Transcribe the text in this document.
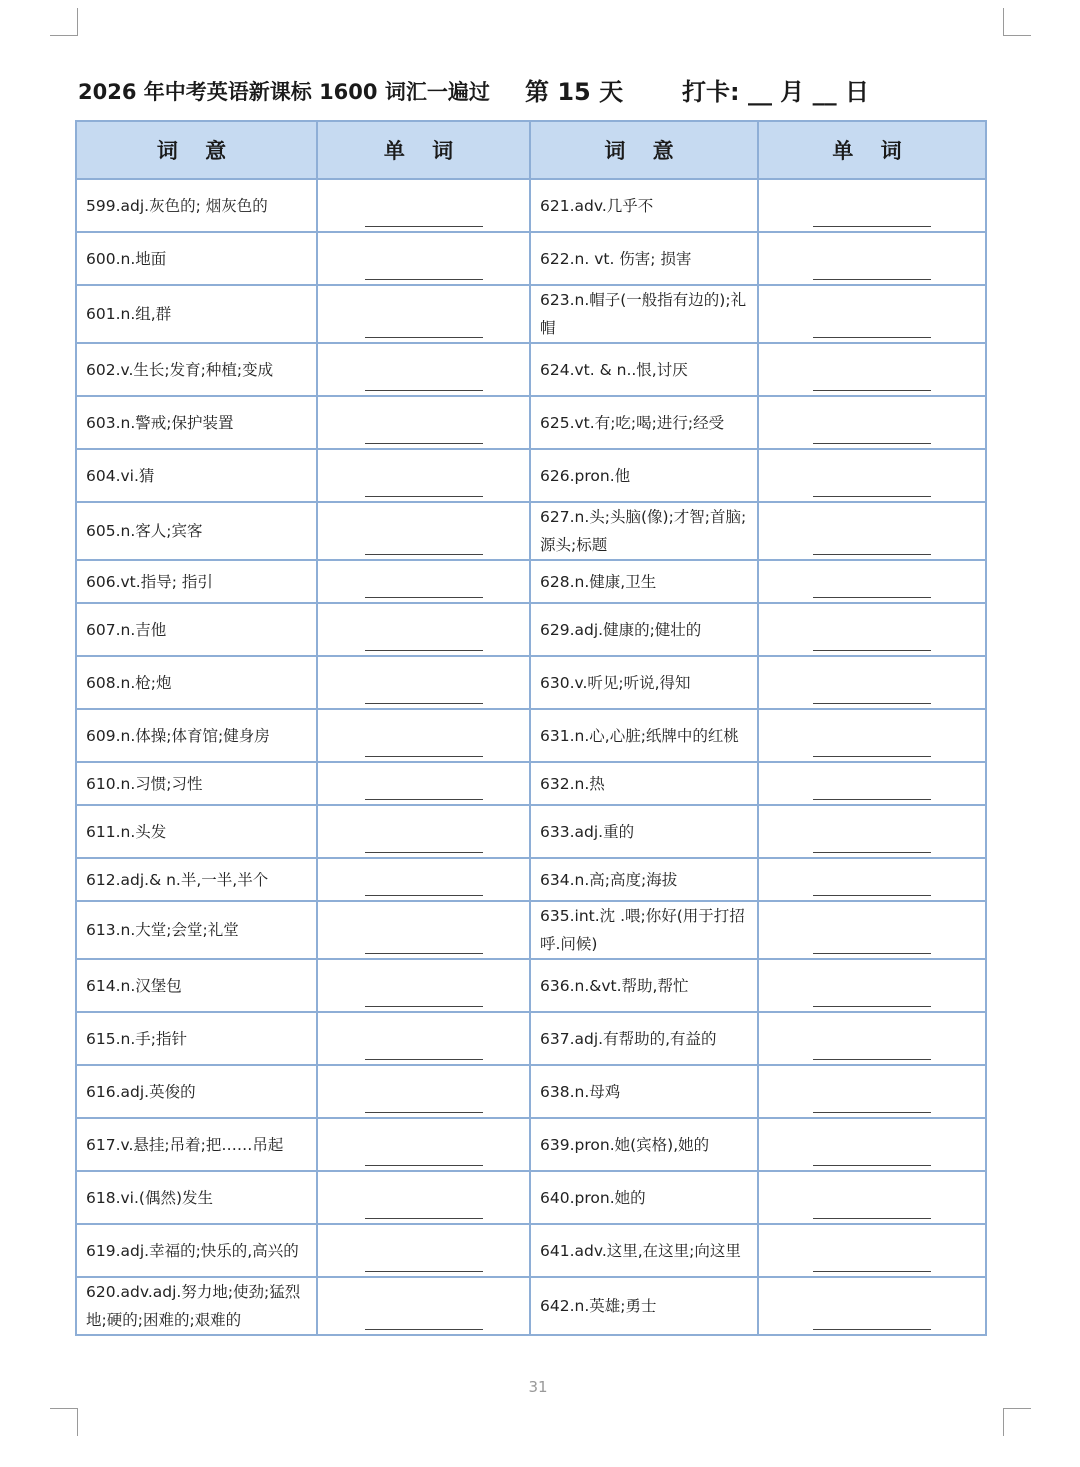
2026 年中考英语新课标 1600 词汇一遍过 第 15 天 打卡: __ 月 __ 日
词 意	单 词	词 意	单 词
599.adj.灰色的; 烟灰色的		621.adv.几乎不	

600.n.地面		622.n. vt. 伤害; 损害	

601.n.组,群		623.n.帽子(一般指有边的);礼帽	

602.v.生长;发育;种植;变成		624.vt. & n..恨,讨厌	

603.n.警戒;保护装置		625.vt.有;吃;喝;进行;经受	

604.vi.猜		626.pron.他	

605.n.客人;宾客		627.n.头;头脑(像);才智;首脑;源头;标题	

606.vt.指导; 指引		628.n.健康,卫生	

607.n.吉他		629.adj.健康的;健壮的	

608.n.枪;炮		630.v.听见;听说,得知	

609.n.体操;体育馆;健身房		631.n.心,心脏;纸牌中的红桃	

610.n.习惯;习性		632.n.热	

611.n.头发		633.adj.重的	

612.adj.& n.半,一半,半个		634.n.高;高度;海拔	

613.n.大堂;会堂;礼堂		635.int.沈 .喂;你好(用于打招呼.问候)	

614.n.汉堡包		636.n.&vt.帮助,帮忙	

615.n.手;指针		637.adj.有帮助的,有益的	

616.adj.英俊的		638.n.母鸡	

617.v.悬挂;吊着;把……吊起		639.pron.她(宾格),她的	

618.vi.(偶然)发生		640.pron.她的	

619.adj.幸福的;快乐的,高兴的		641.adv.这里,在这里;向这里	

620.adv.adj.努力地;使劲;猛烈地;硬的;困难的;艰难的		642.n.英雄;勇士	
31
